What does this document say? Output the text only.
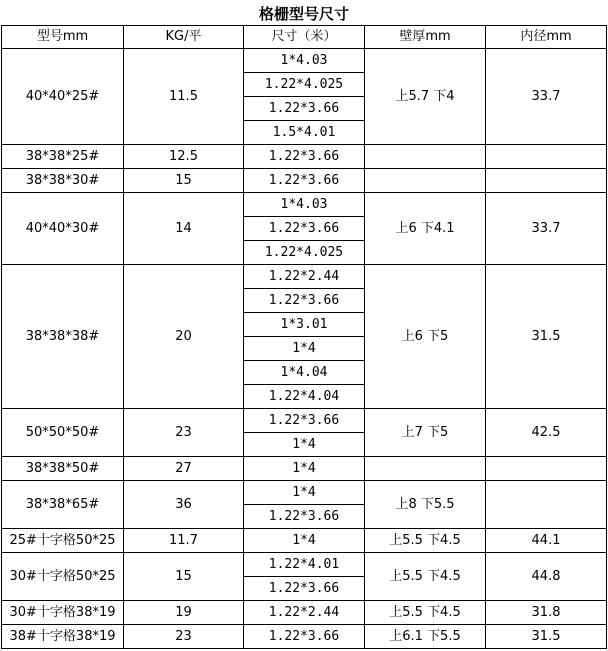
格栅型号尺寸				
型号mm	KG/平	尺寸（米）	壁厚mm	内径mm
40*40*25#	11.5	1*4.03	上5.7 下4	33.7
		1.22*4.025		
		1.22*3.66		
		1.5*4.01		
38*38*25#	12.5	1.22*3.66		
38*38*30#	15	1.22*3.66		
40*40*30#	14	1*4.03	上6 下4.1	33.7
		1.22*3.66		
		1.22*4.025		
38*38*38#	20	1.22*2.44	上6 下5	31.5
		1.22*3.66		
		1*3.01		
		1*4		
		1*4.04		
		1.22*4.04		
50*50*50#	23	1.22*3.66	上7 下5	42.5
		1*4		
38*38*50#	27	1*4		
38*38*65#	36	1*4	上8 下5.5	
		1.22*3.66		
25#十字格50*25	11.7	1*4	上5.5 下4.5	44.1
30#十字格50*25	15	1.22*4.01	上5.5 下4.5	44.8
		1.22*3.66		
30#十字格38*19	19	1.22*2.44	上5.5 下4.5	31.8
38#十字格38*19	23	1.22*3.66	上6.1 下5.5	31.5
